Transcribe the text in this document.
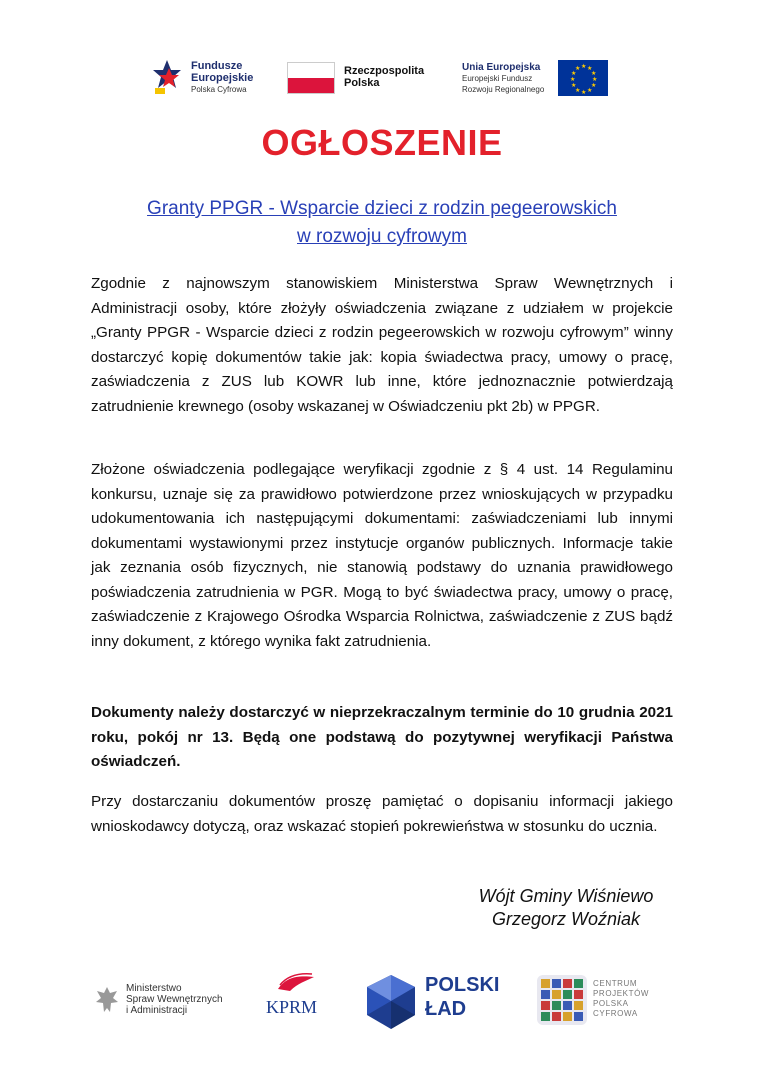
Fundusze
Europejskie
Polska Cyfrowa
Rzeczpospolita
Polska
Unia Europejska
Europejski Fundusz
Rozwoju Regionalnego
★ ★
★
★
★
★
★
★
★
★
★
★
OGŁOSZENIE
Granty PPGR - Wsparcie dzieci z rodzin pegeerowskich
w rozwoju cyfrowym
Zgodnie z najnowszym stanowiskiem Ministerstwa Spraw Wewnętrznych i Administracji osoby, które złożyły oświadczenia związane z udziałem w projekcie „Granty PPGR - Wsparcie dzieci z rodzin pegeerowskich w rozwoju cyfrowym” winny dostarczyć kopię dokumentów takie jak: kopia świadectwa pracy, umowy o pracę, zaświadczenia z ZUS lub KOWR lub inne, które jednoznacznie potwierdzają zatrudnienie krewnego (osoby wskazanej w Oświadczeniu pkt 2b) w PPGR.
Złożone oświadczenia podlegające weryfikacji zgodnie z § 4 ust. 14 Regulaminu konkursu, uznaje się za prawidłowo potwierdzone przez wnioskujących w przypadku udokumentowania ich następującymi dokumentami: zaświadczeniami lub innymi dokumentami wystawionymi przez instytucje organów publicznych. Informacje takie jak zeznania osób fizycznych, nie stanowią podstawy do uznania prawidłowego poświadczenia zatrudnienia w PGR. Mogą to być świadectwa pracy, umowy o pracę, zaświadczenie z Krajowego Ośrodka Wsparcia Rolnictwa, zaświadczenie z ZUS bądź inny dokument, z którego wynika fakt zatrudnienia.
Dokumenty należy dostarczyć w nieprzekraczalnym terminie do 10 grudnia 2021 roku, pokój nr 13. Będą one podstawą do pozytywnej weryfikacji Państwa oświadczeń.
Przy dostarczaniu dokumentów proszę pamiętać o dopisaniu informacji jakiego wnioskodawcy dotyczą, oraz wskazać stopień pokrewieństwa w stosunku do ucznia.
Wójt Gminy Wiśniewo
Grzegorz Woźniak
Ministerstwo
Spraw Wewnętrznych
i Administracji	KPRM
POLSKI
ŁAD
CENTRUM
PROJEKTÓW
POLSKA
CYFROWA
